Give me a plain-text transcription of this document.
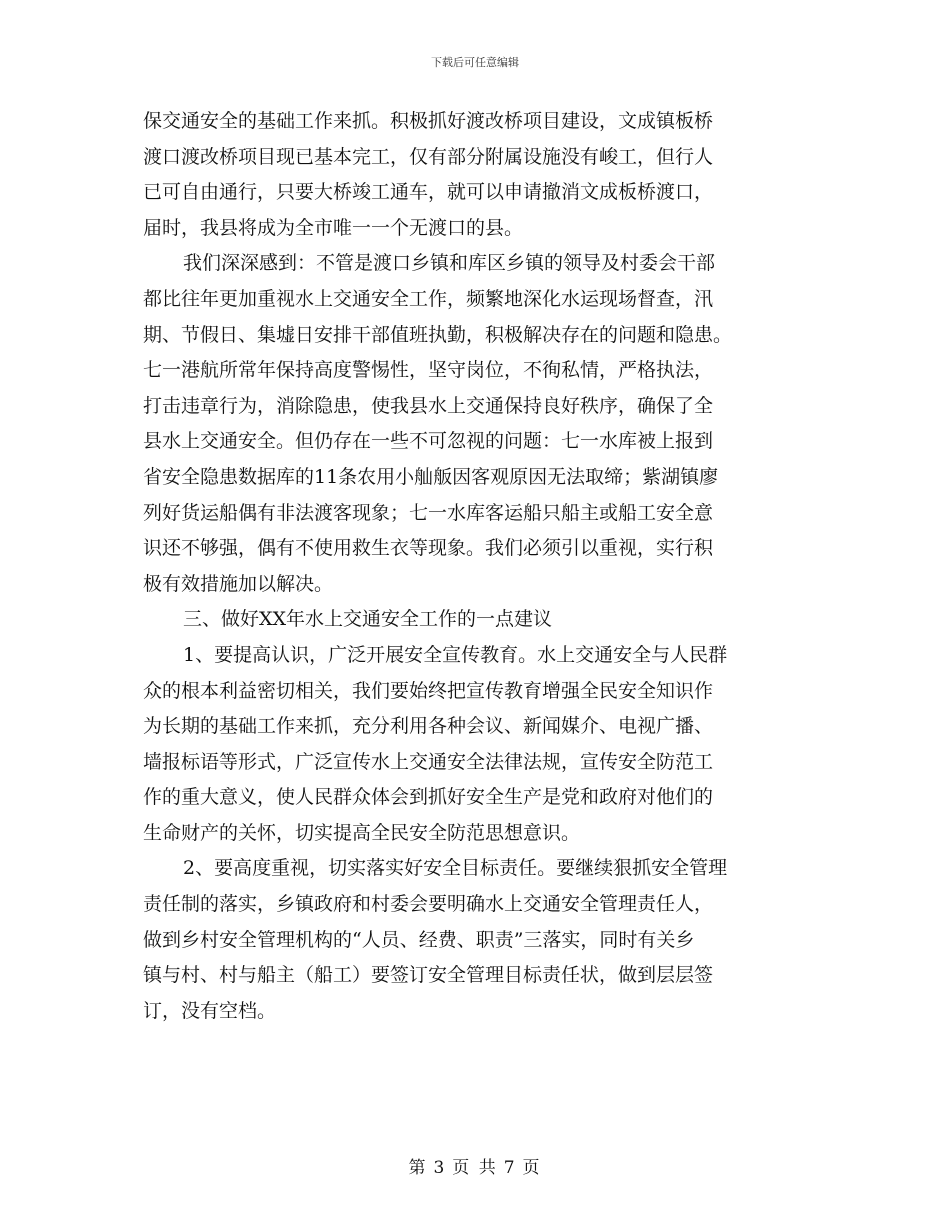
下载后可任意编辑
保交通安全的基础工作来抓。积极抓好渡改桥项目建设，文成镇板桥
渡口渡改桥项目现已基本完工，仅有部分附属设施没有峻工，但行人
已可自由通行，只要大桥竣工通车，就可以申请撤消文成板桥渡口，
届时，我县将成为全市唯一一个无渡口的县。
我们深深感到：不管是渡口乡镇和库区乡镇的领导及村委会干部
都比往年更加重视水上交通安全工作，频繁地深化水运现场督查，汛
期、节假日、集墟日安排干部值班执勤，积极解决存在的问题和隐患。
七一港航所常年保持高度警惕性，坚守岗位，不徇私情，严格执法，
打击违章行为，消除隐患，使我县水上交通保持良好秩序，确保了全
县水上交通安全。但仍存在一些不可忽视的问题：七一水库被上报到
省安全隐患数据库的11条农用小舢舨因客观原因无法取缔；紫湖镇廖
列好货运船偶有非法渡客现象；七一水库客运船只船主或船工安全意
识还不够强，偶有不使用救生衣等现象。我们必须引以重视，实行积
极有效措施加以解决。
三、做好XX年水上交通安全工作的一点建议
1、要提高认识，广泛开展安全宣传教育。水上交通安全与人民群
众的根本利益密切相关，我们要始终把宣传教育增强全民安全知识作
为长期的基础工作来抓，充分利用各种会议、新闻媒介、电视广播、
墙报标语等形式，广泛宣传水上交通安全法律法规，宣传安全防范工
作的重大意义，使人民群众体会到抓好安全生产是党和政府对他们的
生命财产的关怀，切实提高全民安全防范思想意识。
2、要高度重视，切实落实好安全目标责任。要继续狠抓安全管理
责任制的落实，乡镇政府和村委会要明确水上交通安全管理责任人，
做到乡村安全管理机构的“人员、经费、职责”三落实，同时有关乡
镇与村、村与船主（船工）要签订安全管理目标责任状，做到层层签
订，没有空档。
第 3 页 共 7 页
